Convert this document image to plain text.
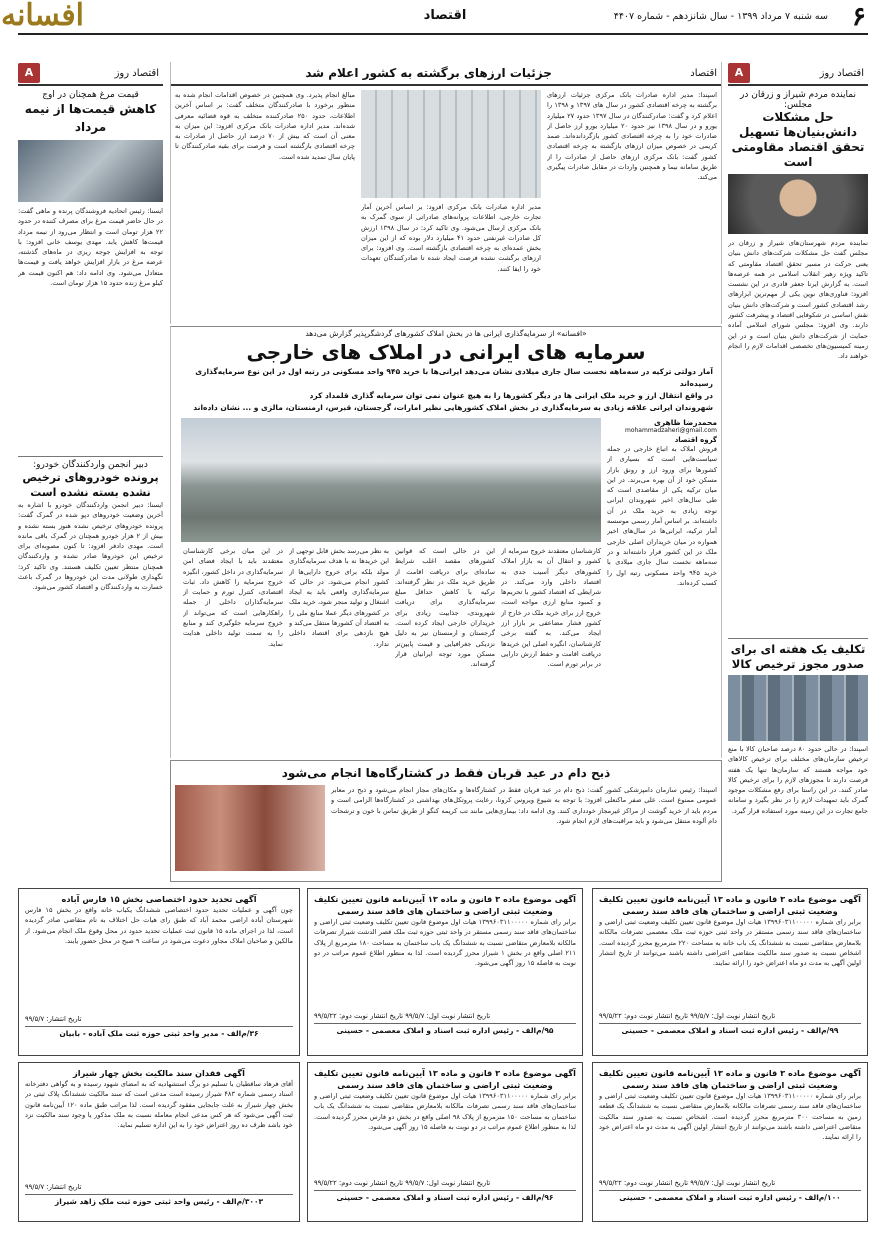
۶
سه شنبه ۷ مرداد ۱۳۹۹ - سال شانزدهم - شماره ۴۴۰۷
اقتصاد
افسانه
اقتصاد روز
A
نماینده مردم شیراز و زرقان در مجلس:
حل مشکلات دانش‌بنیان‌ها تسهیل تحقق اقتصاد مقاومتی است
نماینده مردم شهرستان‌های شیراز و زرقان در مجلس گفت حل مشکلات شرکت‌های دانش بنیان یعنی حرکت در مسیر تحقق اقتصاد مقاومتی که تاکید ویژه رهبر انقلاب اسلامی در همه عرصه‌ها است. به گزارش ایرنا جعفر قادری در این نشست افزود: فناوری‌های نوین یکی از مهم‌ترین ابزارهای رشد اقتصادی کشور است و شرکت‌های دانش بنیان نقش اساسی در شکوفایی اقتصاد و پیشرفت کشور دارند. وی افزود: مجلس شورای اسلامی آماده حمایت از شرکت‌های دانش بنیان است و در این زمینه کمیسیون‌های تخصصی اقدامات لازم را انجام خواهند داد.
تکلیف یک هفته ای برای صدور مجوز ترخیص کالا
اسپندا: در حالی حدود ۸۰ درصد صاحبان کالا با منع ترخیص سازمان‌های مختلف برای ترخیص کالاهای خود مواجه هستند که سازمان‌ها تنها یک هفته فرصت دارند تا مجوزهای لازم را برای ترخیص کالا صادر کنند. در این راستا برای رفع مشکلات موجود گمرک باید تمهیدات لازم را در نظر بگیرد و سامانه جامع تجارت در این زمینه مورد استفاده قرار گیرد.
اقتصاد
جزئیات ارزهای برگشته به کشور اعلام شد
اسپندا: مدیر اداره صادرات بانک مرکزی جزئیات ارزهای برگشته به چرخه اقتصادی کشور در سال های ۱۳۹۷ و ۱۳۹۸ را اعلام کرد و گفت: صادرکنندگان در سال ۱۳۹۷ حدود ۲۷ میلیارد یورو و در سال ۱۳۹۸ نیز حدود ۲۰ میلیارد یورو ارز حاصل از صادرات خود را به چرخه اقتصادی کشور بازگردانده‌اند. صمد کریمی در خصوص میزان ارزهای بازگشته به چرخه اقتصادی کشور گفت: بانک مرکزی ارزهای حاصل از صادرات را از طریق سامانه نیما و همچنین واردات در مقابل صادرات پیگیری می‌کند.
مدیر اداره صادرات بانک مرکزی افزود: بر اساس آخرین آمار تجارت خارجی، اطلاعات پروانه‌های صادراتی از سوی گمرک به بانک مرکزی ارسال می‌شود. وی تاکید کرد: در سال ۱۳۹۸ ارزش کل صادرات غیرنفتی حدود ۴۱ میلیارد دلار بوده که از این میزان بخش عمده‌ای به چرخه اقتصادی بازگشته است. وی افزود: برای ارزهای برگشت نشده فرصت ایجاد شده تا صادرکنندگان تعهدات خود را ایفا کنند.
مبالغ انجام پذیرد. وی همچنین در خصوص اقدامات انجام شده به منظور برخورد با صادرکنندگان متخلف گفت: بر اساس آخرین اطلاعات، حدود ۲۵۰ صادرکننده متخلف به قوه قضائیه معرفی شده‌اند. مدیر اداره صادرات بانک مرکزی افزود: این میزان به معنی آن است که بیش از ۷۰ درصد ارز حاصل از صادرات به چرخه اقتصادی بازگشته است و فرصت برای بقیه صادرکنندگان تا پایان سال تمدید شده است.
اقتصاد روز
A
قیمت مرغ همچنان در اوج
کاهش قیمت‌ها از نیمه مرداد
ایسنا: رئیس اتحادیه فروشندگان پرنده و ماهی گفت: در حال حاضر قیمت مرغ برای مصرف کننده در حدود ۲۲ هزار تومان است و انتظار می‌رود از نیمه مرداد قیمت‌ها کاهش یابد. مهدی یوسف خانی افزود: با توجه به افزایش جوجه ریزی در ماه‌های گذشته، عرضه مرغ در بازار افزایش خواهد یافت و قیمت‌ها متعادل می‌شود. وی ادامه داد: هم اکنون قیمت هر کیلو مرغ زنده حدود ۱۵ هزار تومان است.
دبیر انجمن واردکنندگان خودرو:
پرونده خودروهای ترخیص نشده بسته نشده است
ایسنا: دبیر انجمن واردکنندگان خودرو با اشاره به آخرین وضعیت خودروهای دپو شده در گمرک گفت: پرونده خودروهای ترخیص نشده هنوز بسته نشده و بیش از ۲ هزار خودرو همچنان در گمرک باقی مانده است. مهدی دادفر افزود: تا کنون مصوبه‌ای برای ترخیص این خودروها صادر نشده و واردکنندگان همچنان منتظر تعیین تکلیف هستند. وی تاکید کرد: نگهداری طولانی مدت این خودروها در گمرک باعث خسارت به واردکنندگان و اقتصاد کشور می‌شود.
«افسانه» از سرمایه‌گذاری ایرانی ها در بخش املاک کشورهای گردشگرپذیر گزارش می‌دهد
سرمایه های ایرانی در املاک های خارجی
آمار دولتی ترکیه در سه‌ماهه نخست سال جاری میلادی نشان می‌دهد ایرانی‌ها با خرید ۹۴۵ واحد مسکونی در رتبه اول در این نوع سرمایه‌گذاری رسیده‌اند
در واقع انتقال ارز و خرید ملک ایرانی ها در دیگر کشورها را به هیچ عنوان نمی توان سرمایه گذاری قلمداد کرد
شهروندان ایرانی علاقه زیادی به سرمایه‌گذاری در بخش املاک کشورهایی نظیر امارات، گرجستان، قبرس، ارمنستان، مالزی و ... نشان داده‌اند
محمدرضا ظاهری
mohammadzaheri@gmail.com
گروه اقتصاد
فروش املاک به اتباع خارجی در جمله سیاست‌هایی است که بسیاری از کشورها برای ورود ارز و رونق بازار مسکن خود از آن بهره می‌برند. در این میان ترکیه یکی از مقاصدی است که طی سال‌های اخیر شهروندان ایرانی توجه زیادی به خرید ملک در آن داشته‌اند. بر اساس آمار رسمی موسسه آمار ترکیه، ایرانی‌ها در سال‌های اخیر همواره در میان خریداران اصلی خارجی ملک در این کشور قرار داشته‌اند و در سه‌ماهه نخست سال جاری میلادی با خرید ۹۴۵ واحد مسکونی رتبه اول را کسب کرده‌اند.
کارشناسان معتقدند خروج سرمایه از کشور و انتقال آن به بازار املاک کشورهای دیگر آسیب جدی به اقتصاد داخلی وارد می‌کند. در شرایطی که اقتصاد کشور با تحریم‌ها و کمبود منابع ارزی مواجه است، خروج ارز برای خرید ملک در خارج از کشور فشار مضاعفی بر بازار ارز ایجاد می‌کند. به گفته برخی کارشناسان، انگیزه اصلی این خریدها دریافت اقامت و حفظ ارزش دارایی در برابر تورم است.
این در حالی است که قوانین کشورهای مقصد اغلب شرایط ساده‌ای برای دریافت اقامت از طریق خرید ملک در نظر گرفته‌اند. ترکیه با کاهش حداقل مبلغ سرمایه‌گذاری برای دریافت شهروندی، جذابیت زیادی برای خریداران خارجی ایجاد کرده است. گرجستان و ارمنستان نیز به دلیل نزدیکی جغرافیایی و قیمت پایین‌تر مسکن مورد توجه ایرانیان قرار گرفته‌اند.
به نظر می‌رسد بخش قابل توجهی از این خریدها نه با هدف سرمایه‌گذاری مولد بلکه برای خروج دارایی‌ها از کشور انجام می‌شود. در حالی که سرمایه‌گذاری واقعی باید به ایجاد اشتغال و تولید منجر شود، خرید ملک در کشورهای دیگر عملا منابع ملی را به اقتصاد آن کشورها منتقل می‌کند و هیچ بازدهی برای اقتصاد داخلی ندارد.
در این میان برخی کارشناسان معتقدند باید با ایجاد فضای امن سرمایه‌گذاری در داخل کشور، انگیزه خروج سرمایه را کاهش داد. ثبات اقتصادی، کنترل تورم و حمایت از سرمایه‌گذاران داخلی از جمله راهکارهایی است که می‌تواند از خروج سرمایه جلوگیری کند و منابع را به سمت تولید داخلی هدایت نماید.
ذبح دام در عید قربان فقط در کشتارگاه‌ها انجام می‌شود
اسپندا: رئیس سازمان دامپزشکی کشور گفت: ذبح دام در عید قربان فقط در کشتارگاه‌ها و مکان‌های مجاز انجام می‌شود و ذبح در معابر عمومی ممنوع است. علی صفر ماکنعلی افزود: با توجه به شیوع ویروس کرونا، رعایت پروتکل‌های بهداشتی در کشتارگاه‌ها الزامی است و مردم باید از خرید گوشت از مراکز غیرمجاز خودداری کنند. وی ادامه داد: بیماری‌هایی مانند تب کریمه کنگو از طریق تماس با خون و ترشحات دام آلوده منتقل می‌شود و باید مراقبت‌های لازم انجام شود.
آگهی موضوع ماده ۳ قانون و ماده ۱۳ آیین‌نامه قانون تعیین تکلیف وضعیت ثبتی اراضی و ساختمان های فاقد سند رسمی
برابر رای شماره ۱۳۹۹۶۰۳۱۱۰۰۰۰۰ هیات اول موضوع قانون تعیین تکلیف وضعیت ثبتی اراضی و ساختمان‌های فاقد سند رسمی مستقر در واحد ثبتی حوزه ثبت ملک معصمی تصرفات مالکانه بلامعارض متقاضی نسبت به ششدانگ یک باب خانه به مساحت ۲۲۰ مترمربع محرز گردیده است. اشخاص نسبت به صدور سند مالکیت متقاضی اعتراضی داشته باشند می‌توانند از تاریخ انتشار اولین آگهی به مدت دو ماه اعتراض خود را ارائه نمایند.
تاریخ انتشار نوبت اول: ۹۹/۵/۷ تاریخ انتشار نوبت دوم: ۹۹/۵/۲۲
۹۹/م‌الف - رئیس اداره ثبت اسناد و املاک معصمی - حسینی
آگهی موضوع ماده ۳ قانون و ماده ۱۳ آیین‌نامه قانون تعیین تکلیف وضعیت ثبتی اراضی و ساختمان های فاقد سند رسمی
برابر رای شماره ۱۳۹۹۶۰۳۱۱۰۰۰۰۰ هیات اول موضوع قانون تعیین تکلیف وضعیت ثبتی اراضی و ساختمان‌های فاقد سند رسمی مستقر در واحد ثبتی حوزه ثبت ملک قصر الدشت شیراز تصرفات مالکانه بلامعارض متقاضی نسبت به ششدانگ یک باب ساختمان به مساحت ۱۸۰ مترمربع از پلاک ۲۱۱ اصلی واقع در بخش ۱ شیراز محرز گردیده است. لذا به منظور اطلاع عموم مراتب در دو نوبت به فاصله ۱۵ روز آگهی می‌شود.
تاریخ انتشار نوبت اول: ۹۹/۵/۷ تاریخ انتشار نوبت دوم: ۹۹/۵/۲۲
۹۵/م‌الف - رئیس اداره ثبت اسناد و املاک معصمی - حسینی
آگهی تحدید حدود اختصاصی بخش ۱۵ فارس آباده
چون آگهی و عملیات تحدید حدود اختصاصی ششدانگ یکباب خانه واقع در بخش ۱۵ فارس شهرستان آباده اراضی محمد آباد که طبق رای هیات حل اختلاف به نام متقاضی صادر گردیده است، لذا در اجرای ماده ۱۵ قانون ثبت عملیات تحدید حدود در محل وقوع ملک انجام می‌شود. از مالکین و صاحبان املاک مجاور دعوت می‌شود در ساعت ۹ صبح در محل حضور یابند.
تاریخ انتشار: ۹۹/۵/۷
۳۶/م‌الف - مدیر واحد ثبتی حوزه ثبت ملک آباده - بابیان
آگهی موضوع ماده ۳ قانون و ماده ۱۳ آیین‌نامه قانون تعیین تکلیف وضعیت ثبتی اراضی و ساختمان های فاقد سند رسمی
برابر رای شماره ۱۳۹۹۶۰۳۱۱۰۰۰۰۰ هیات اول موضوع قانون تعیین تکلیف وضعیت ثبتی اراضی و ساختمان‌های فاقد سند رسمی تصرفات مالکانه بلامعارض متقاضی نسبت به ششدانگ یک قطعه زمین به مساحت ۳۰۰ مترمربع محرز گردیده است. اشخاص نسبت به صدور سند مالکیت متقاضی اعتراضی داشته باشند می‌توانند از تاریخ انتشار اولین آگهی به مدت دو ماه اعتراض خود را ارائه نمایند.
تاریخ انتشار نوبت اول: ۹۹/۵/۷ تاریخ انتشار نوبت دوم: ۹۹/۵/۲۲
۱۰۰/م‌الف - رئیس اداره ثبت اسناد و املاک معصمی - حسینی
آگهی موضوع ماده ۳ قانون و ماده ۱۳ آیین‌نامه قانون تعیین تکلیف وضعیت ثبتی اراضی و ساختمان های فاقد سند رسمی
برابر رای شماره ۱۳۹۹۶۰۳۱۱۰۰۰۰۰ هیات اول موضوع قانون تعیین تکلیف وضعیت ثبتی اراضی و ساختمان‌های فاقد سند رسمی تصرفات مالکانه بلامعارض متقاضی نسبت به ششدانگ یک باب ساختمان به مساحت ۱۵۰ مترمربع از پلاک ۹۸ اصلی واقع در بخش دو فارس محرز گردیده است. لذا به منظور اطلاع عموم مراتب در دو نوبت به فاصله ۱۵ روز آگهی می‌شود.
تاریخ انتشار نوبت اول: ۹۹/۵/۷ تاریخ انتشار نوبت دوم: ۹۹/۵/۲۲
۹۶/م‌الف - رئیس اداره ثبت اسناد و املاک معصمی - حسینی
آگهی فقدان سند مالکیت بخش چهار شیراز
آقای فرهاد ساقطیان با تسلیم دو برگ استشهادیه که به امضای شهود رسیده و به گواهی دفترخانه اسناد رسمی شماره ۴۸۳ شیراز رسیده است مدعی است که سند مالکیت ششدانگ پلاک ثبتی در بخش چهار شیراز به علت جابجایی مفقود گردیده است. لذا مراتب طبق ماده ۱۲۰ آیین‌نامه قانون ثبت آگهی می‌شود که هر کس مدعی انجام معامله نسبت به ملک مذکور یا وجود سند مالکیت نزد خود باشد ظرف ده روز اعتراض خود را به این اداره تسلیم نماید.
تاریخ انتشار: ۹۹/۵/۷
۳۰۰۳/م‌الف - رئیس واحد ثبتی حوزه ثبت ملک زاهد شیراز
